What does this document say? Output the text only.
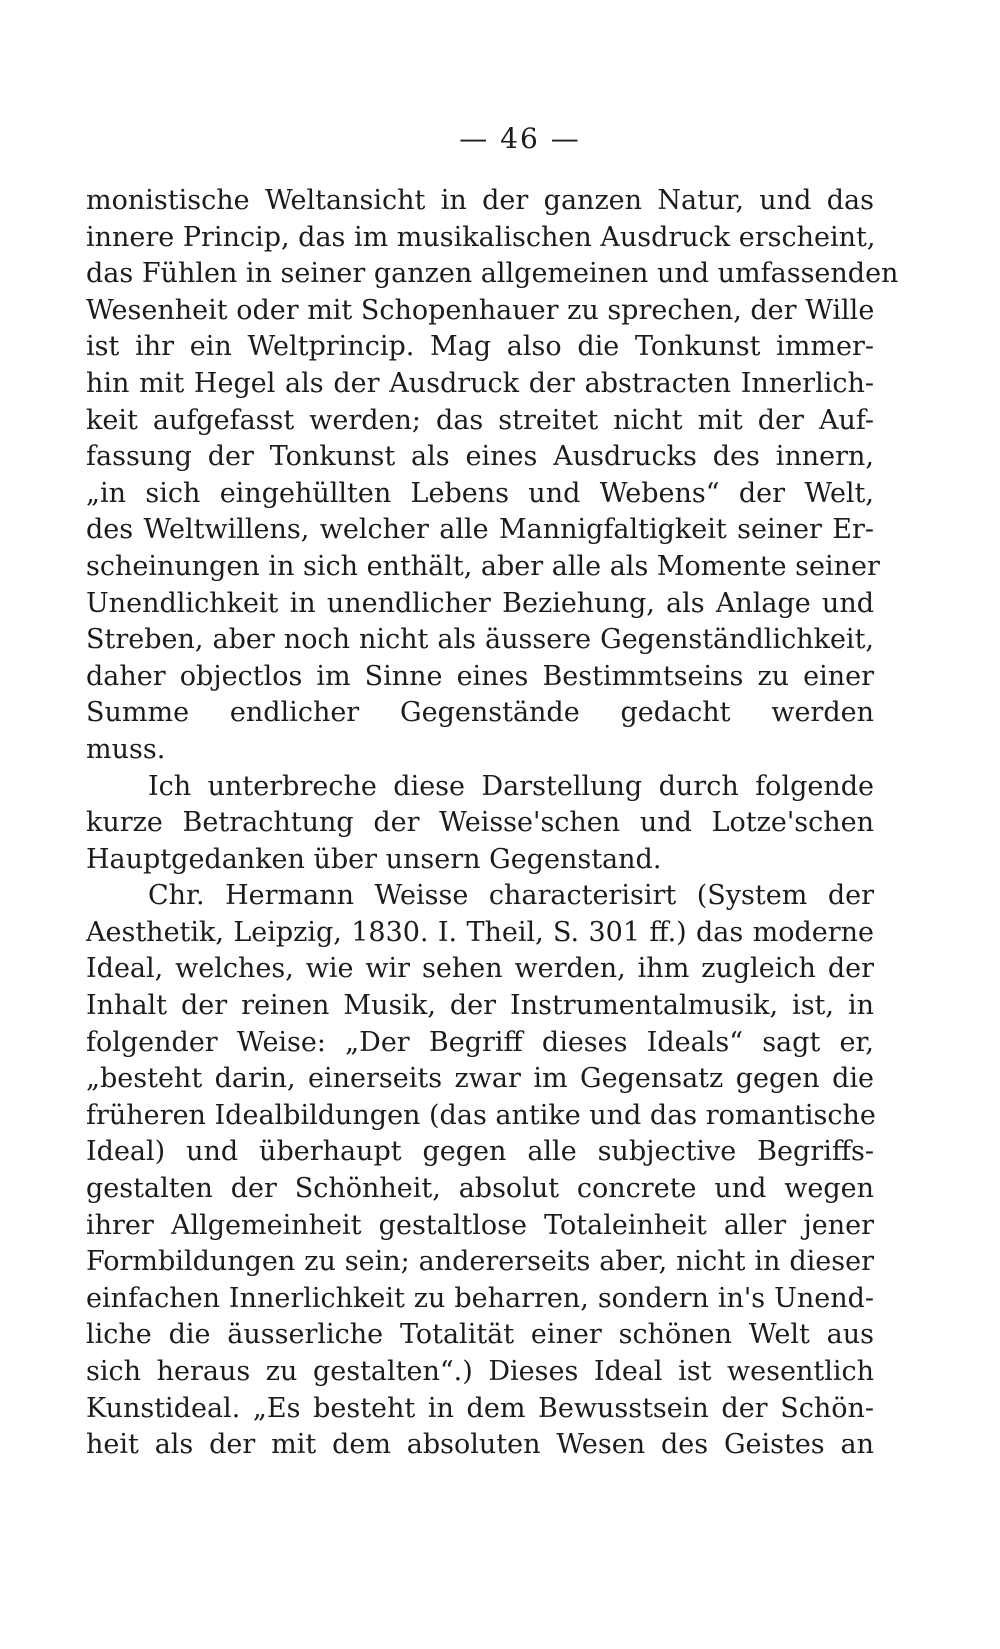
— 46 —
monistische Weltansicht in der ganzen Natur, und das
innere Princip, das im musikalischen Ausdruck erscheint,
das Fühlen in seiner ganzen allgemeinen und umfassenden
Wesenheit oder mit Schopenhauer zu sprechen, der Wille
ist ihr ein Weltprincip. Mag also die Tonkunst immer-
hin mit Hegel als der Ausdruck der abstracten Innerlich-
keit aufgefasst werden; das streitet nicht mit der Auf-
fassung der Tonkunst als eines Ausdrucks des innern,
„in sich eingehüllten Lebens und Webens“ der Welt,
des Weltwillens, welcher alle Mannigfaltigkeit seiner Er-
scheinungen in sich enthält, aber alle als Momente seiner
Unendlichkeit in unendlicher Beziehung, als Anlage und
Streben, aber noch nicht als äussere Gegenständlichkeit,
daher objectlos im Sinne eines Bestimmtseins zu einer
Summe endlicher Gegenstände gedacht werden
muss.
Ich unterbreche diese Darstellung durch folgende
kurze Betrachtung der Weisse'schen und Lotze'schen
Hauptgedanken über unsern Gegenstand.
Chr. Hermann Weisse characterisirt (System der
Aesthetik, Leipzig, 1830. I. Theil, S. 301 ff.) das moderne
Ideal, welches, wie wir sehen werden, ihm zugleich der
Inhalt der reinen Musik, der Instrumentalmusik, ist, in
folgender Weise: „Der Begriff dieses Ideals“ sagt er,
„besteht darin, einerseits zwar im Gegensatz gegen die
früheren Idealbildungen (das antike und das romantische
Ideal) und überhaupt gegen alle subjective Begriffs-
gestalten der Schönheit, absolut concrete und wegen
ihrer Allgemeinheit gestaltlose Totaleinheit aller jener
Formbildungen zu sein; andererseits aber, nicht in dieser
einfachen Innerlichkeit zu beharren, sondern in's Unend-
liche die äusserliche Totalität einer schönen Welt aus
sich heraus zu gestalten“.) Dieses Ideal ist wesentlich
Kunstideal. „Es besteht in dem Bewusstsein der Schön-
heit als der mit dem absoluten Wesen des Geistes an
